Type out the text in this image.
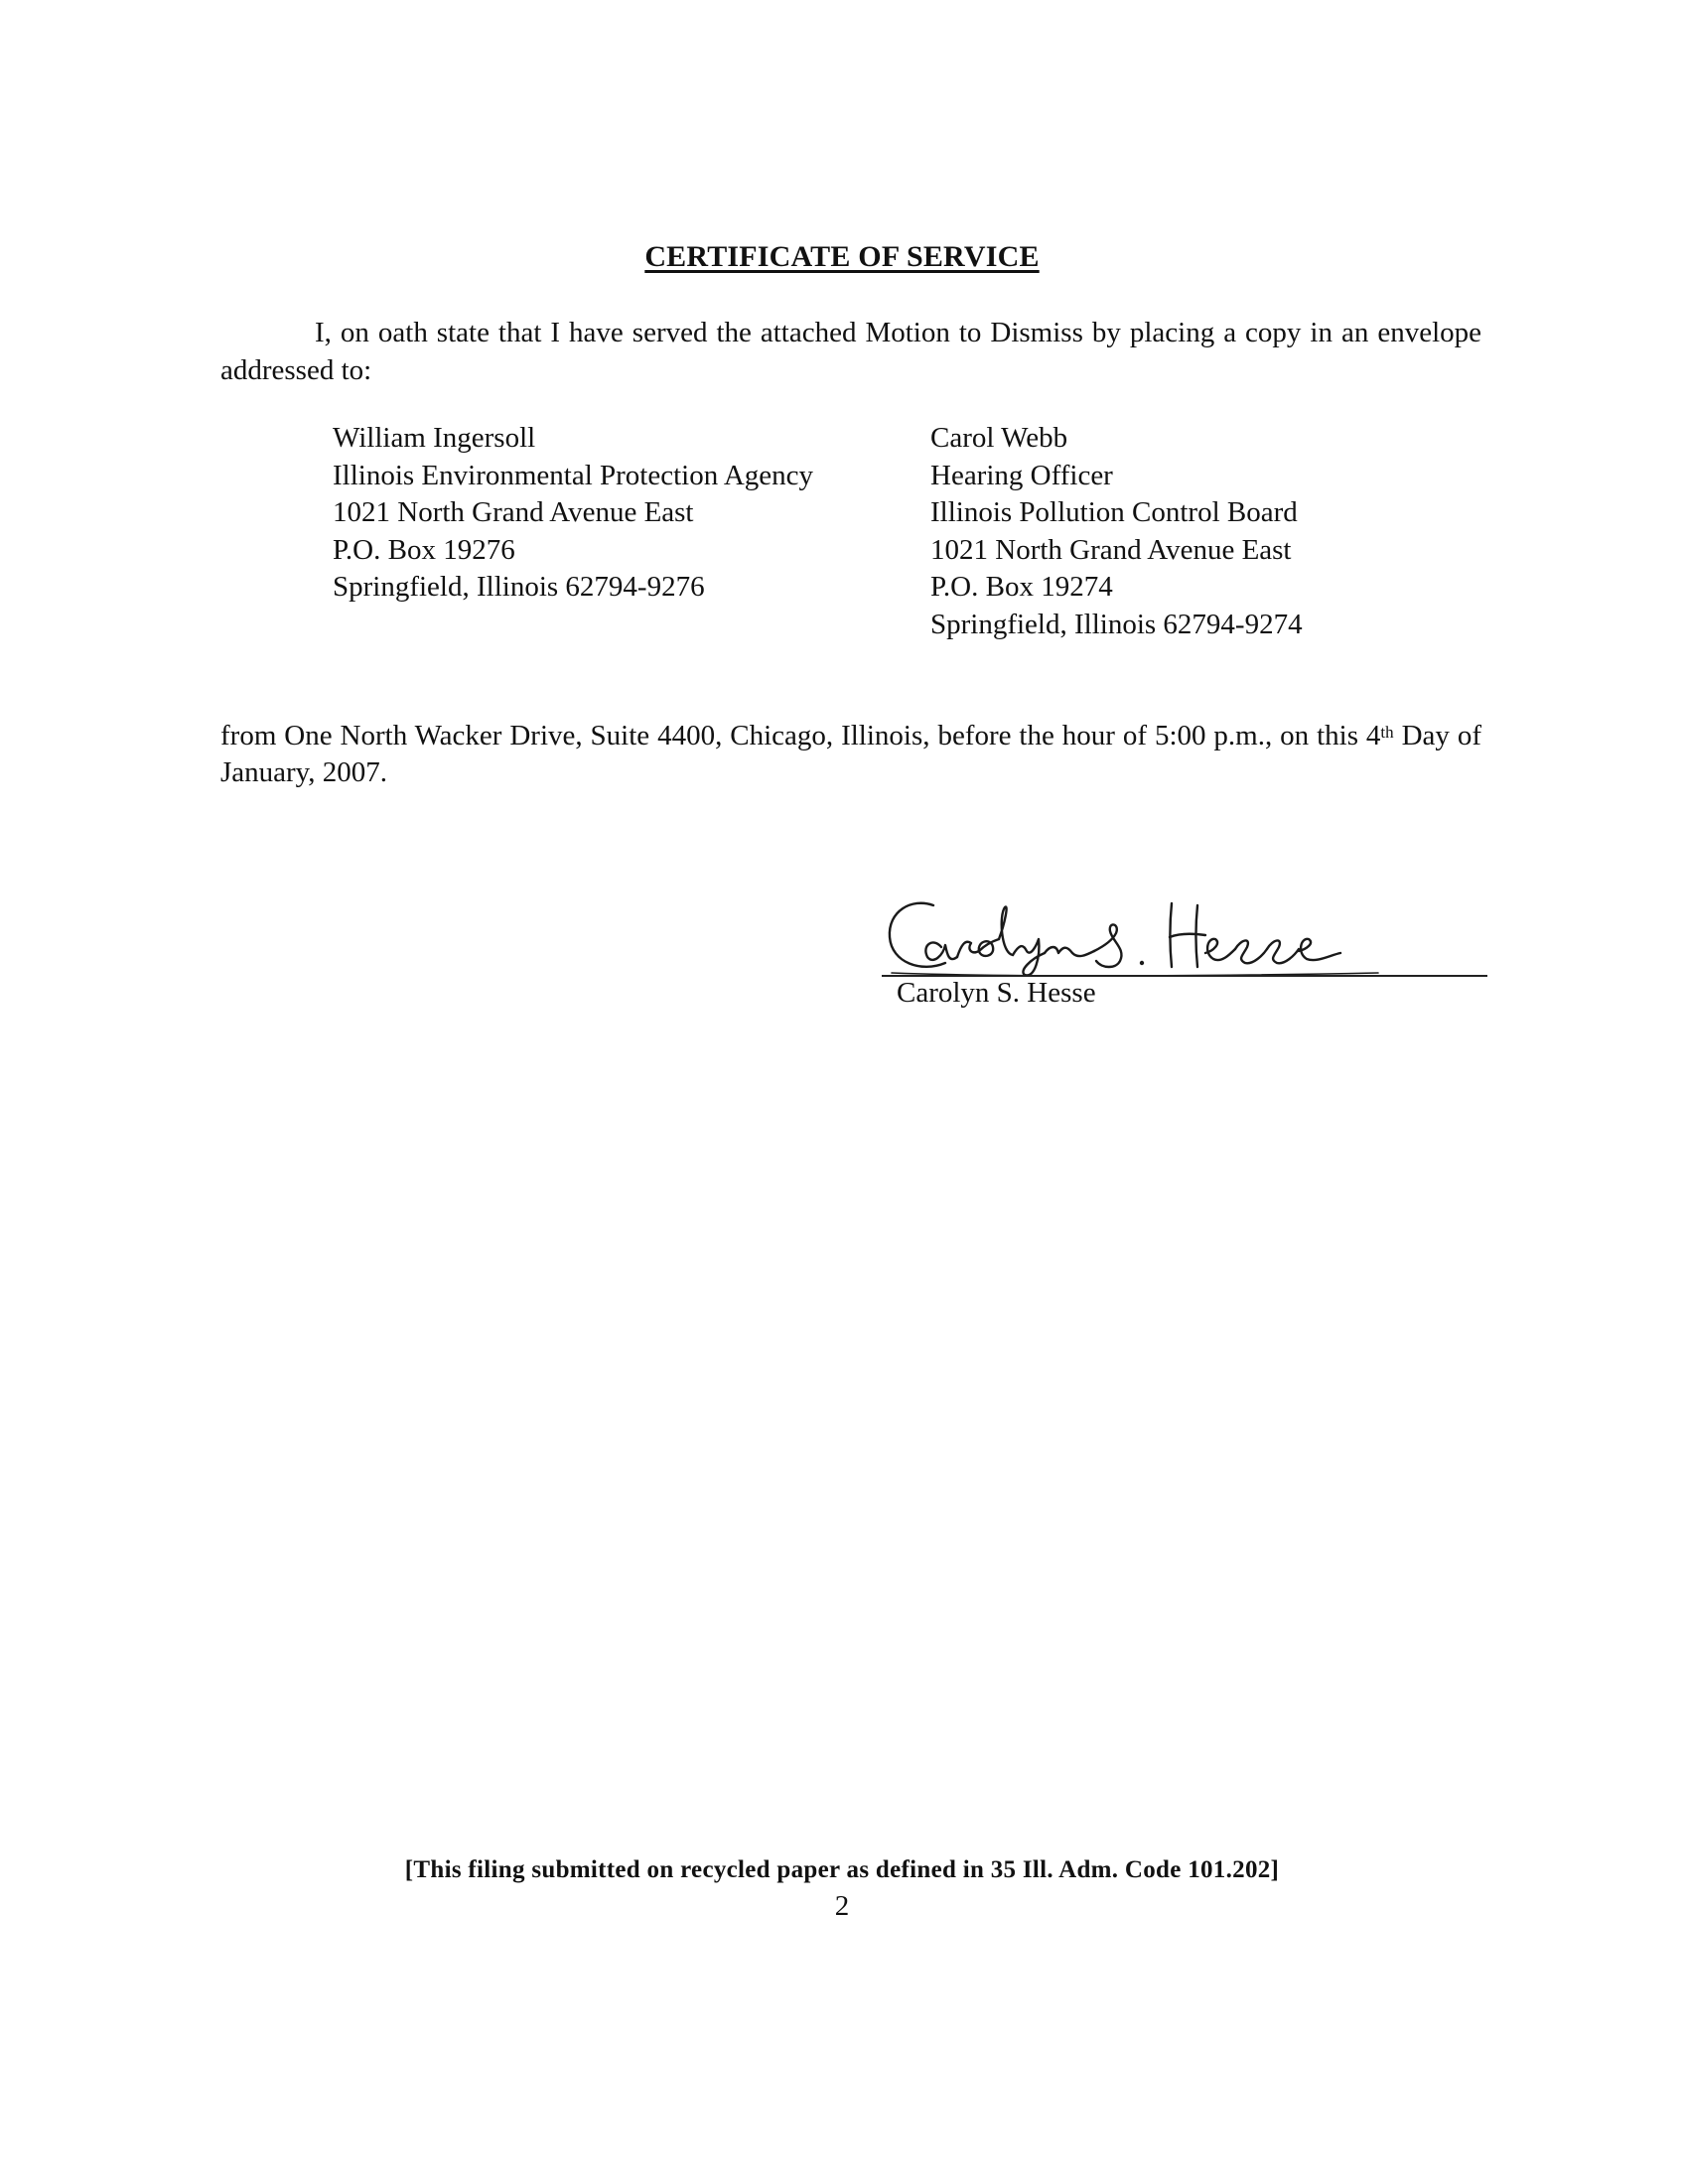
CERTIFICATE OF SERVICE
I, on oath state that I have served the attached Motion to Dismiss by placing a copy in an envelope addressed to:
William Ingersoll
Illinois Environmental Protection Agency
1021 North Grand Avenue East
P.O. Box 19276
Springfield, Illinois 62794-9276
Carol Webb
Hearing Officer
Illinois Pollution Control Board
1021 North Grand Avenue East
P.O. Box 19274
Springfield, Illinois 62794-9274
from One North Wacker Drive, Suite 4400, Chicago, Illinois, before the hour of 5:00 p.m., on this 4th Day of January, 2007.
Carolyn S. Hesse
[This filing submitted on recycled paper as defined in 35 Ill. Adm. Code 101.202]
2
